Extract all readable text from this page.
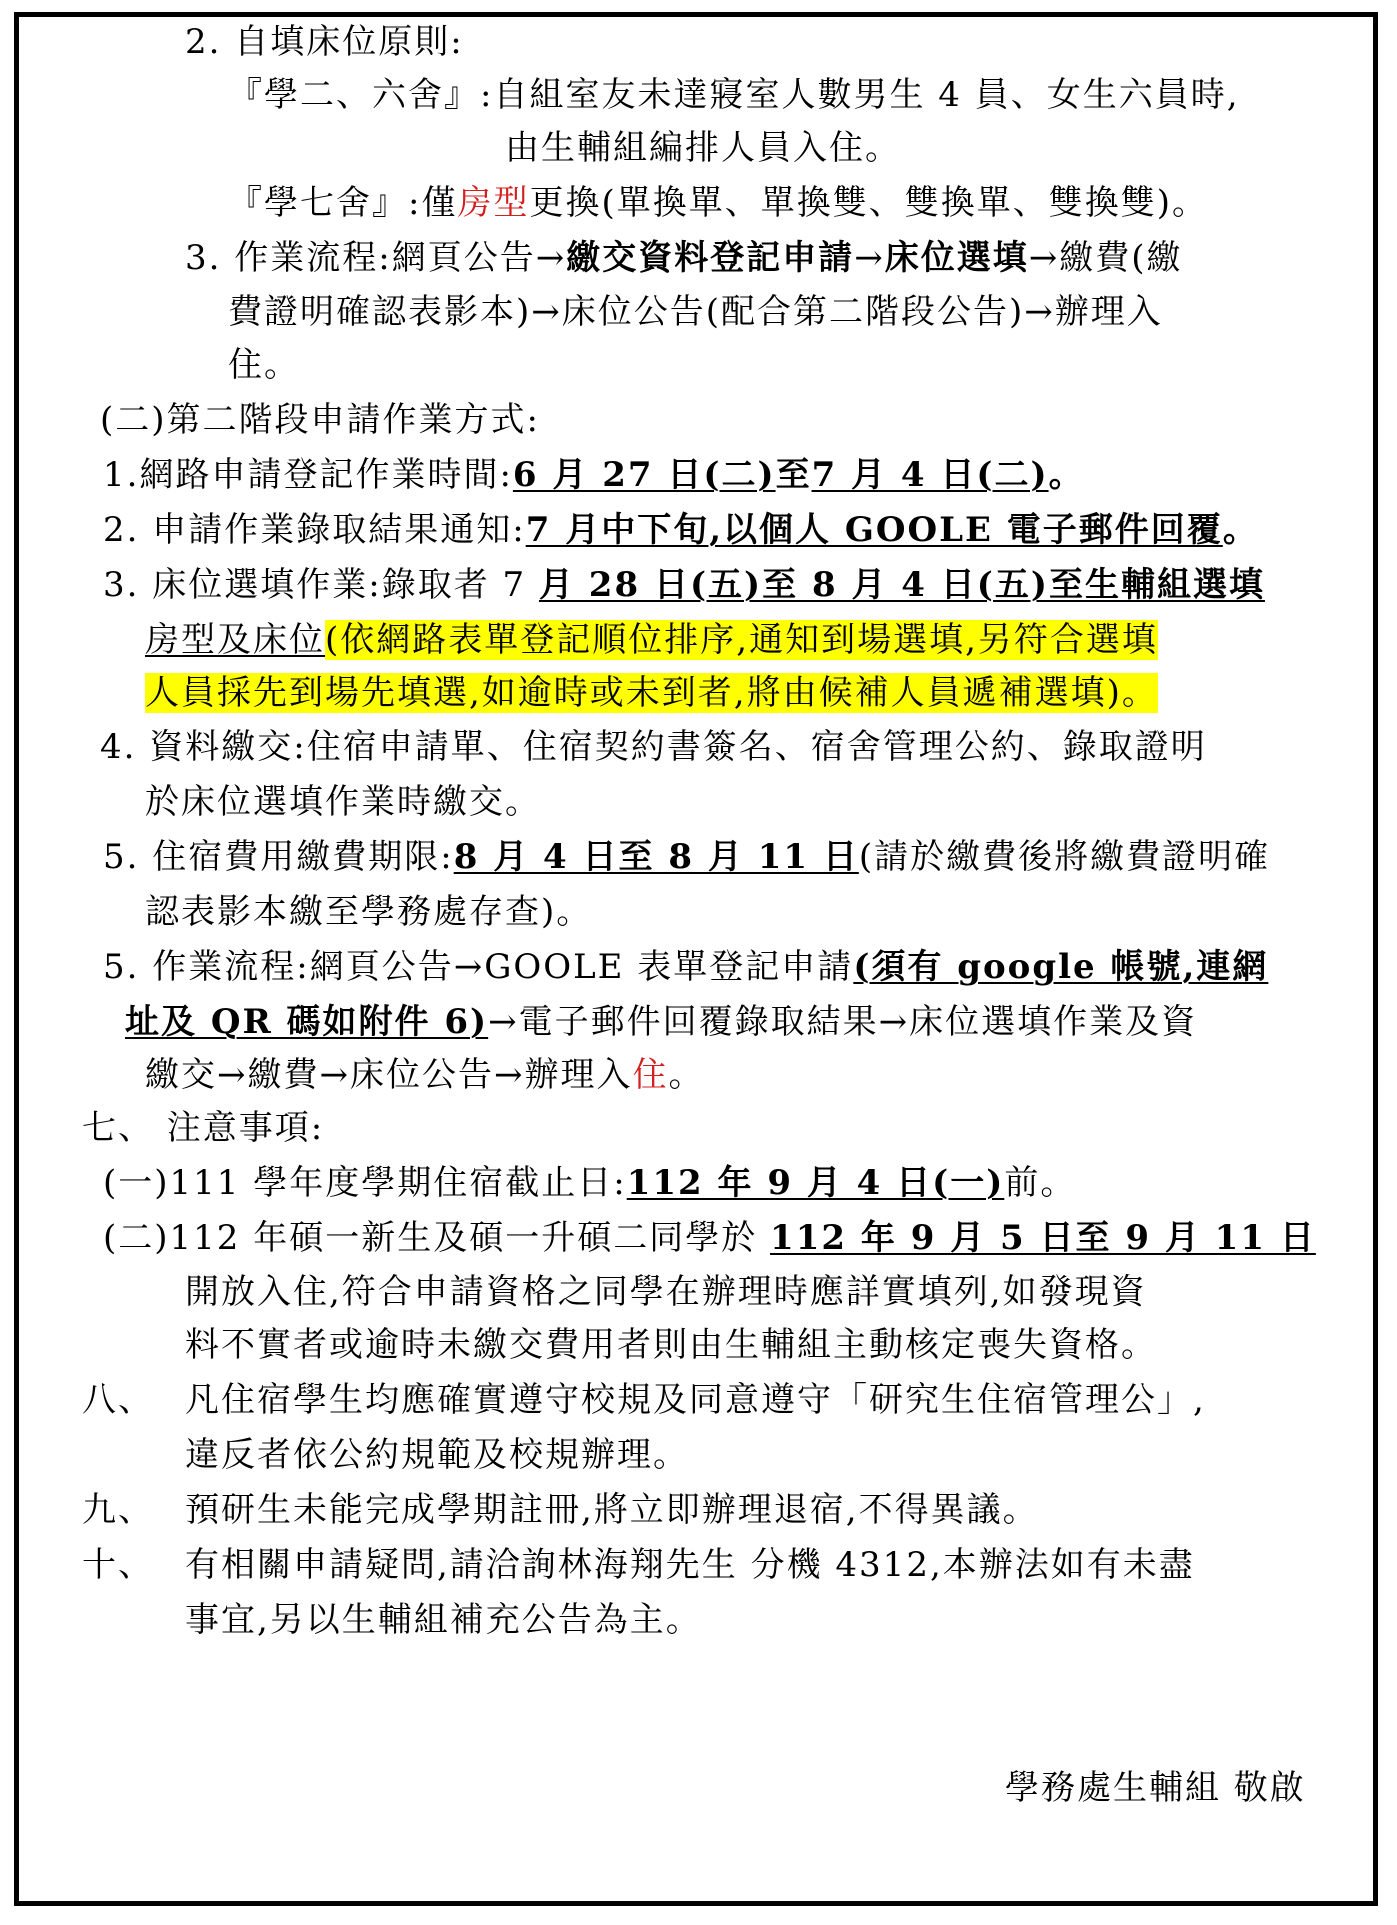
2. 自填床位原則:
『學二、六舍』:自組室友未達寢室人數男生 4 員、女生六員時,
由生輔組編排人員入住。
『學七舍』:僅房型更換(單換單、單換雙、雙換單、雙換雙)。
3. 作業流程:網頁公告→繳交資料登記申請→床位選填→繳費(繳
費證明確認表影本)→床位公告(配合第二階段公告)→辦理入
住。
(二)第二階段申請作業方式:
1.網路申請登記作業時間:6 月 27 日(二)至7 月 4 日(二)。
2. 申請作業錄取結果通知:7 月中下旬,以個人 GOOLE 電子郵件回覆。
3. 床位選填作業:錄取者 7 月 28 日(五)至 8 月 4 日(五)至生輔組選填
房型及床位(依網路表單登記順位排序,通知到場選填,另符合選填
人員採先到場先填選,如逾時或未到者,將由候補人員遞補選填)。
4. 資料繳交:住宿申請單、住宿契約書簽名、宿舍管理公約、錄取證明
於床位選填作業時繳交。
5. 住宿費用繳費期限:8 月 4 日至 8 月 11 日(請於繳費後將繳費證明確
認表影本繳至學務處存查)。
5. 作業流程:網頁公告→GOOLE 表單登記申請(須有 google 帳號,連網
址及 QR 碼如附件 6)→電子郵件回覆錄取結果→床位選填作業及資
繳交→繳費→床位公告→辦理入住。
七、 注意事項:
(一)111 學年度學期住宿截止日:112 年 9 月 4 日(一)前。
(二)112 年碩一新生及碩一升碩二同學於 112 年 9 月 5 日至 9 月 11 日
開放入住,符合申請資格之同學在辦理時應詳實填列,如發現資
料不實者或逾時未繳交費用者則由生輔組主動核定喪失資格。
八、 凡住宿學生均應確實遵守校規及同意遵守「研究生住宿管理公」,
違反者依公約規範及校規辦理。
九、 預研生未能完成學期註冊,將立即辦理退宿,不得異議。
十、 有相關申請疑問,請洽詢林海翔先生 分機 4312,本辦法如有未盡
事宜,另以生輔組補充公告為主。
學務處生輔組 敬啟
